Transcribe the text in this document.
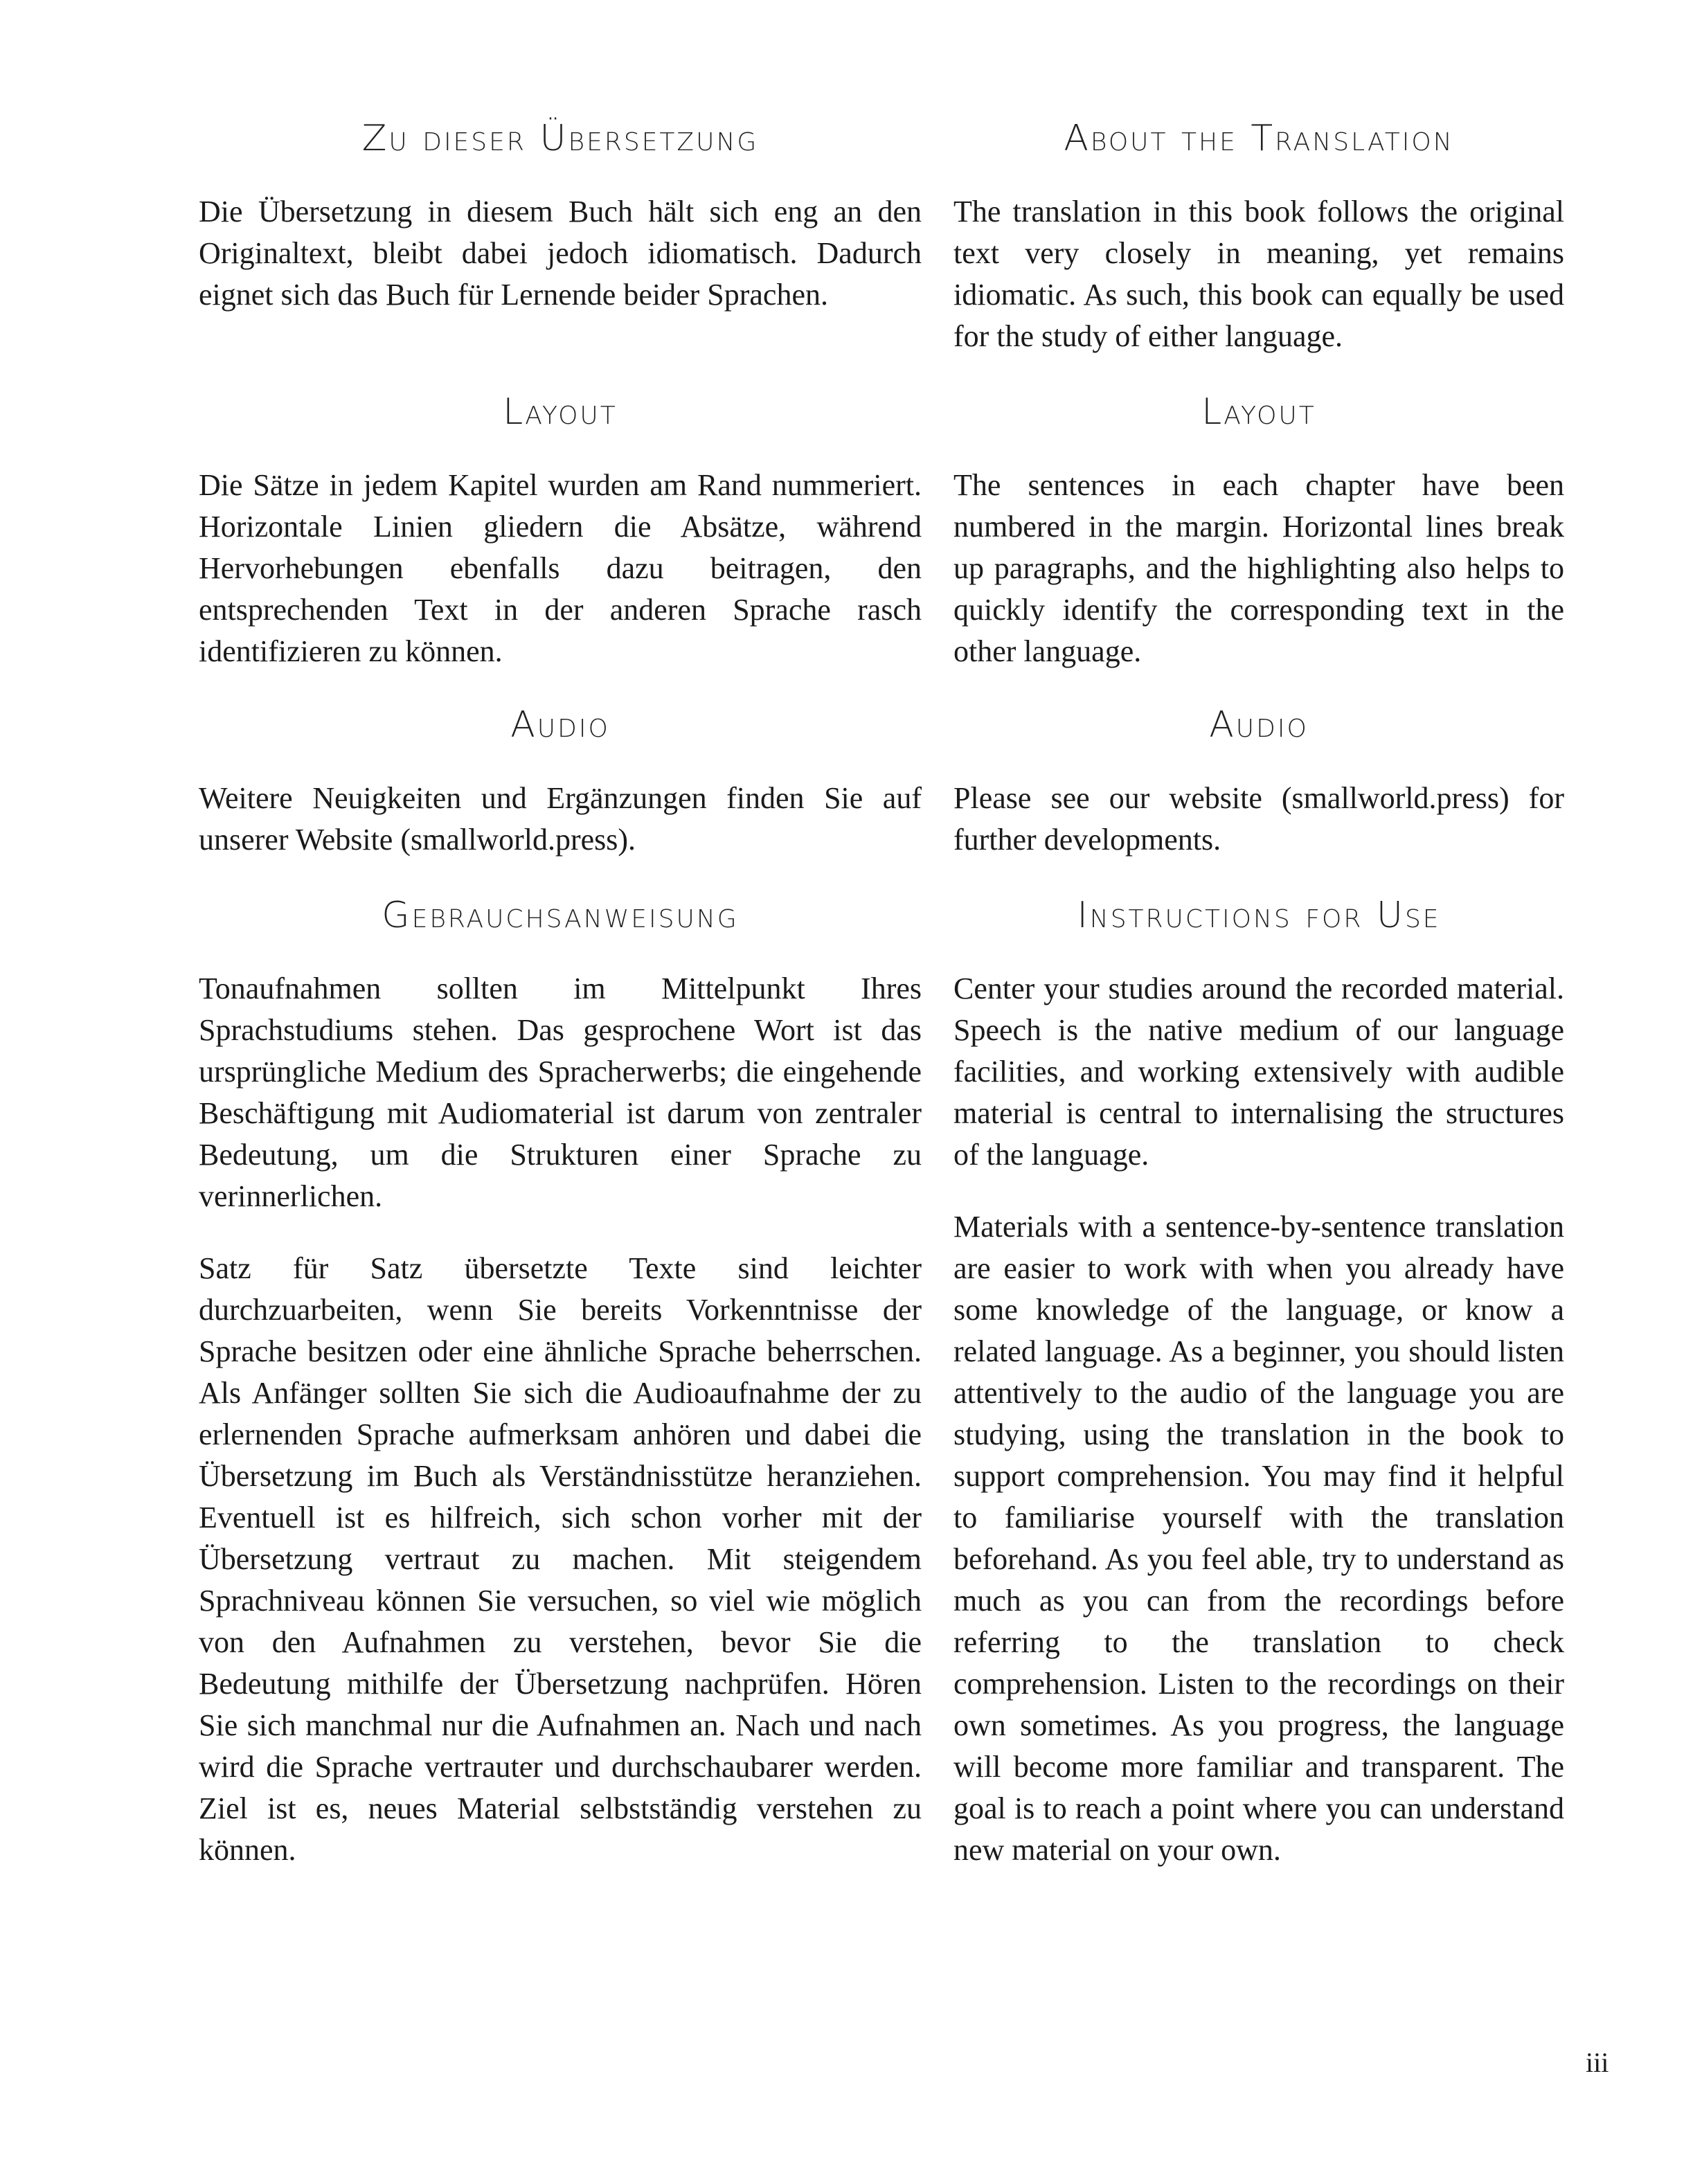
Zu dieser Übersetzung

Die Übersetzung in diesem Buch hält sich eng an den Originaltext, bleibt dabei jedoch idiomatisch. Dadurch eignet sich das Buch für Lernende beider Sprachen.

Layout

Die Sätze in jedem Kapitel wurden am Rand nummeriert. Horizontale Linien gliedern die Absätze, während Hervorhebungen ebenfalls dazu beitragen, den entsprechenden Text in der anderen Sprache rasch identifizieren zu können.

Audio

Weitere Neuigkeiten und Ergänzungen finden Sie auf unserer Website (smallworld.press).

Gebrauchsanweisung

Tonaufnahmen sollten im Mittelpunkt Ihres Sprachstudiums stehen. Das gesprochene Wort ist das ursprüngliche Medium des Spracherwerbs; die eingehende Beschäftigung mit Audiomaterial ist darum von zentraler Bedeutung, um die Strukturen einer Sprache zu verinnerlichen.

Satz für Satz übersetzte Texte sind leichter durchzuarbeiten, wenn Sie bereits Vorkenntnisse der Sprache besitzen oder eine ähnliche Sprache beherrschen. Als Anfänger sollten Sie sich die Audioaufnahme der zu erlernenden Sprache aufmerksam anhören und dabei die Übersetzung im Buch als Verständnisstütze heranziehen. Eventuell ist es hilfreich, sich schon vorher mit der Übersetzung vertraut zu machen. Mit steigendem Sprachniveau können Sie versuchen, so viel wie möglich von den Aufnahmen zu verstehen, bevor Sie die Bedeutung mithilfe der Übersetzung nachprüfen. Hören Sie sich manchmal nur die Aufnahmen an. Nach und nach wird die Sprache vertrauter und durchschaubarer werden. Ziel ist es, neues Material selbstständig verstehen zu können.

About the Translation

The translation in this book follows the original text very closely in meaning, yet remains idiomatic. As such, this book can equally be used for the study of either language.

Layout

The sentences in each chapter have been numbered in the margin. Horizontal lines break up paragraphs, and the highlighting also helps to quickly identify the corresponding text in the other language.

Audio

Please see our website (smallworld.press) for further developments.

Instructions for Use

Center your studies around the recorded material. Speech is the native medium of our language facilities, and working extensively with audible material is central to internalising the structures of the language.

Materials with a sentence-by-sentence translation are easier to work with when you already have some knowledge of the language, or know a related language. As a beginner, you should listen attentively to the audio of the language you are studying, using the translation in the book to support comprehension. You may find it helpful to familiarise yourself with the translation beforehand. As you feel able, try to understand as much as you can from the recordings before referring to the translation to check comprehension. Listen to the recordings on their own sometimes. As you progress, the language will become more familiar and transparent. The goal is to reach a point where you can understand new material on your own.

iii
